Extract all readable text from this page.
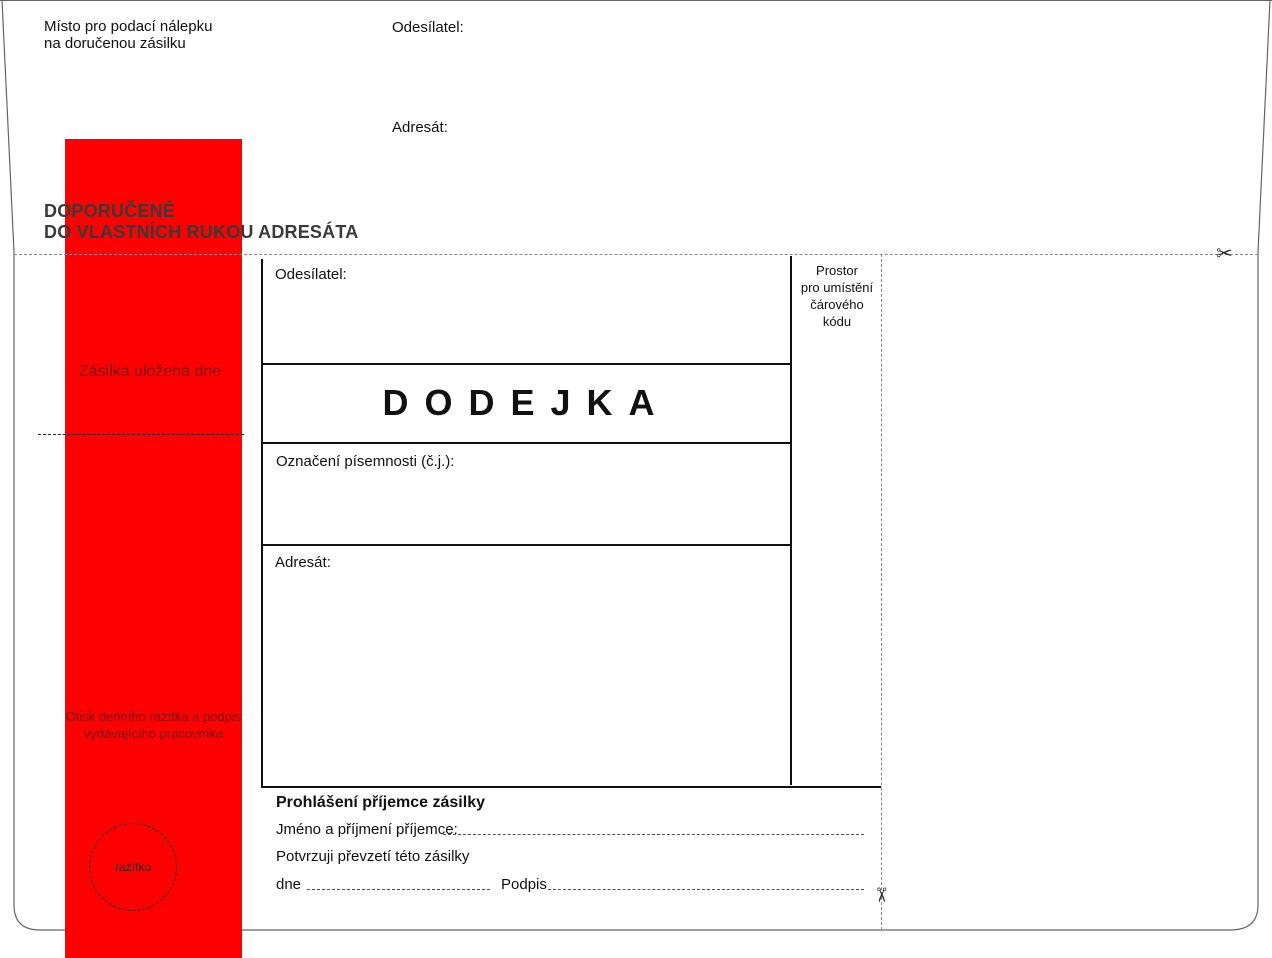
Místo pro podací nálepku
na doručenou zásilku
Odesílatel:
Adresát:
DOPORUČENÉ
DO VLASTNÍCH RUKOU ADRESÁTA
✂
Zásilka uložená dne
Otisk denního razítka a podpis
vydávajícího pracovníka
razítko
Odesílatel:
DODEJKA
Označení písemnosti (č.j.):
Adresát:
Prostor
pro umístění
čárového
kódu
✂
Prohlášení příjemce zásilky
Jméno a příjmení příjemce:
Potvrzuji převzetí této zásilky
dne	Podpis
